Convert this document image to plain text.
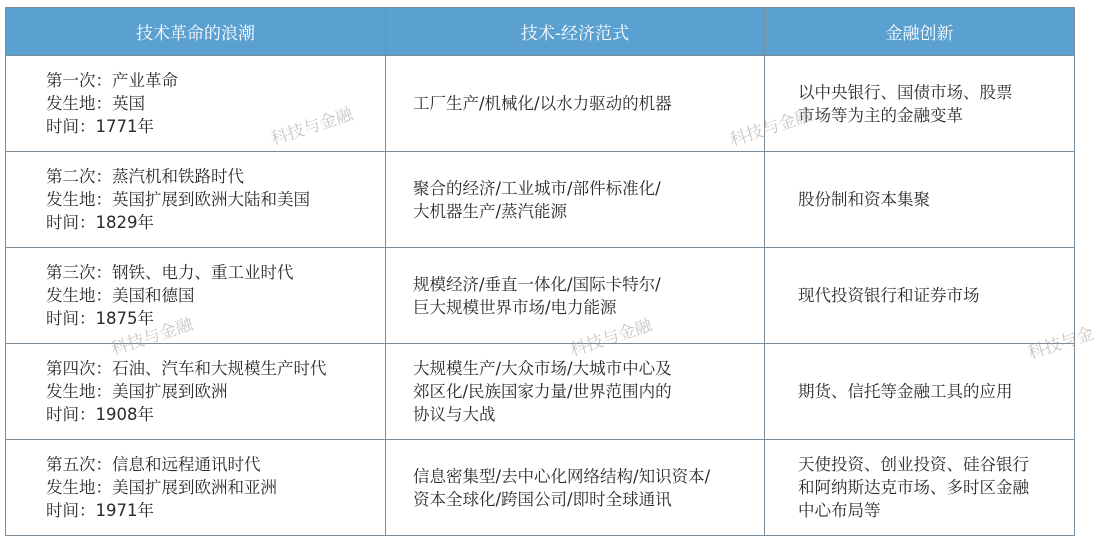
技术革命的浪潮	技术-经济范式	金融创新

第一次：产业革命
发生地：英国
时间：1771年	工厂生产/机械化/以水力驱动的机器	以中央银行、国债市场、股票
市场等为主的金融变革

第二次：蒸汽机和铁路时代
发生地：英国扩展到欧洲大陆和美国
时间：1829年	聚合的经济/工业城市/部件标准化/
大机器生产/蒸汽能源	股份制和资本集聚

第三次：钢铁、电力、重工业时代
发生地：美国和德国
时间：1875年	规模经济/垂直一体化/国际卡特尔/
巨大规模世界市场/电力能源	现代投资银行和证券市场

第四次：石油、汽车和大规模生产时代
发生地：美国扩展到欧洲
时间：1908年	大规模生产/大众市场/大城市中心及
郊区化/民族国家力量/世界范围内的
协议与大战	期货、信托等金融工具的应用

第五次：信息和远程通讯时代
发生地：美国扩展到欧洲和亚洲
时间：1971年	信息密集型/去中心化网络结构/知识资本/
资本全球化/跨国公司/即时全球通讯	天使投资、创业投资、硅谷银行
和阿纳斯达克市场、多时区金融
中心布局等
科技与金融	科技与金融
科技与金融	科技与金融	科技与金
